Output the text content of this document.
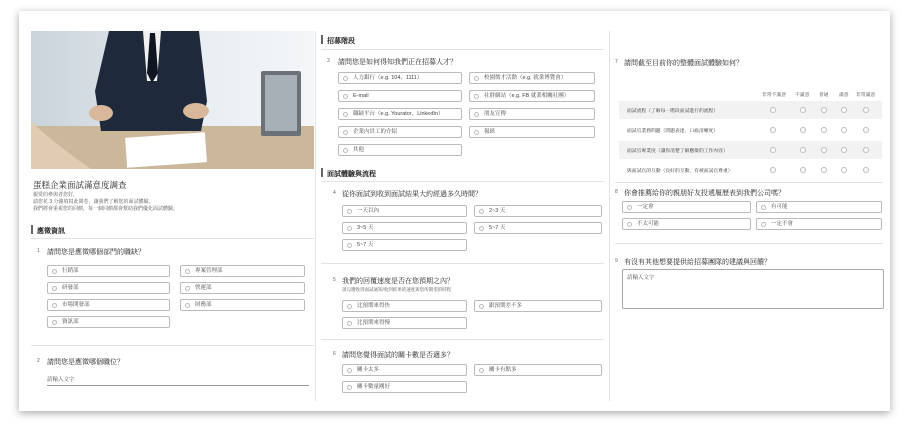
蛋糕企業面試滿意度調查
親愛的參與者您好，
請您花 3 分鐘填寫此問卷，讓我們了解您的面試體驗。
我們將會重視您的回饋，每一個回饋都會幫助我們優化面試體驗。
應徵資訊
1 請問您是應徵哪個部門的職缺？
行銷部	專案管理部
研發部	營運部
市場開發部	財務部
資訊部
2 請問您是應徵哪個職位？
請輸入文字
招募階段
3 請問您是如何得知我們正在招募人才？
人力銀行（e.g. 104、1111）	校園徵才活動（e.g. 就業博覽會）
E-mail	社群網站（e.g. FB 就業相關社團）
職缺平台（e.g. Yourator、LinkedIn）	朋友宣傳
企業內員工的介紹	報紙
其他
面試體驗與流程
4 從你面試到收到面試結果大約經過多久時間？
一天以內	2~3 天
3~5 天	5~7 天
5~7 天
5 我們的回覆速度是否在您預期之內？
請勾選收到面試通知/收到結果的速度與您所期望的時程
比預期來得快	跟預期差不多
比預期來得慢
6 請問您覺得面試的關卡數是否適多？
關卡太多	關卡有點多
關卡數量剛好
7 請問截至目前你的整體面試體驗如何？
非常不滿意 不滿意 普通 滿意 非常滿意
面試流程（了解每一階段面試進行的流程）
面試官業務問題（問題表達、口齒清晰度）
面試官專業度（讓你清楚了解應徵的工作內容）
與面試官的互動（良好的互動、有被面試官尊重）
8 你會推薦給你的親朋好友投遞履歷表到我們公司嗎？
一定會	有可能
不太可能	一定不會
9 有沒有其他想要提供給招募團隊的建議與回饋？
請輸入文字
